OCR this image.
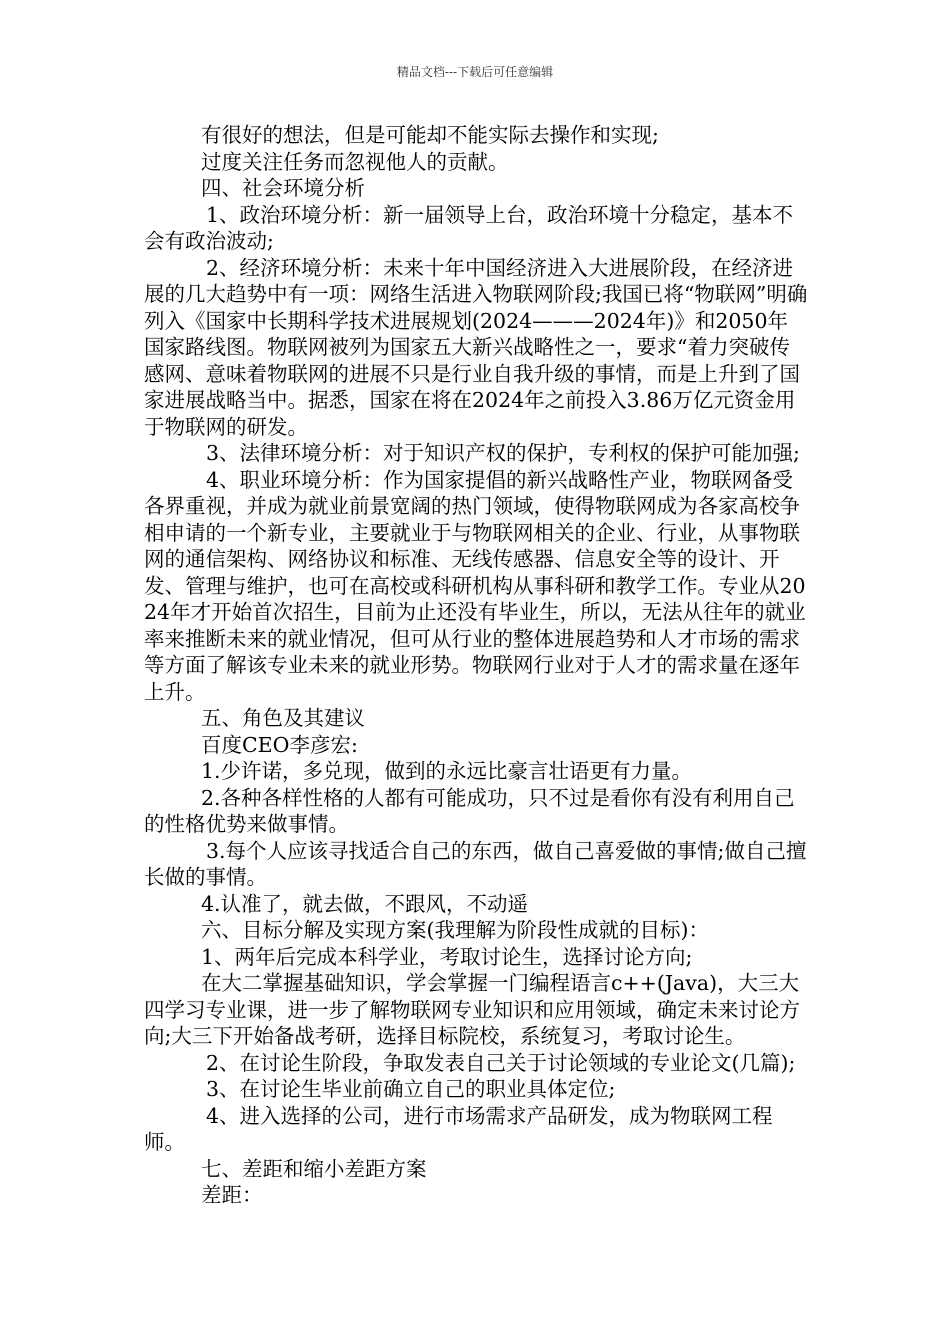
精品文档---下载后可任意编辑

有很好的想法，但是可能却不能实际去操作和实现;

过度关注任务而忽视他人的贡献。

四、社会环境分析

1、政治环境分析：新一届领导上台，政治环境十分稳定，基本不会有政治波动;

2、经济环境分析：未来十年中国经济进入大进展阶段，在经济进展的几大趋势中有一项：网络生活进入物联网阶段;我国已将“物联网”明确列入《国家中长期科学技术进展规划(2024———2024年)》和2050年国家路线图。物联网被列为国家五大新兴战略性之一，要求“着力突破传感网、意味着物联网的进展不只是行业自我升级的事情，而是上升到了国家进展战略当中。据悉，国家在将在2024年之前投入3.86万亿元资金用于物联网的研发。

3、法律环境分析：对于知识产权的保护，专利权的保护可能加强;

4、职业环境分析：作为国家提倡的新兴战略性产业，物联网备受各界重视，并成为就业前景宽阔的热门领域，使得物联网成为各家高校争相申请的一个新专业，主要就业于与物联网相关的企业、行业，从事物联网的通信架构、网络协议和标准、无线传感器、信息安全等的设计、开发、管理与维护，也可在高校或科研机构从事科研和教学工作。专业从2024年才开始首次招生，目前为止还没有毕业生，所以，无法从往年的就业率来推断未来的就业情况，但可从行业的整体进展趋势和人才市场的需求等方面了解该专业未来的就业形势。物联网行业对于人才的需求量在逐年上升。

五、角色及其建议

百度CEO李彦宏:

1.少许诺，多兑现，做到的永远比豪言壮语更有力量。

2.各种各样性格的人都有可能成功，只不过是看你有没有利用自己的性格优势来做事情。

3.每个人应该寻找适合自己的东西，做自己喜爱做的事情;做自己擅长做的事情。

4.认准了，就去做，不跟风，不动遥

六、目标分解及实现方案(我理解为阶段性成就的目标)：

1、两年后完成本科学业，考取讨论生，选择讨论方向;

在大二掌握基础知识，学会掌握一门编程语言c++(Java)，大三大四学习专业课，进一步了解物联网专业知识和应用领域，确定未来讨论方向;大三下开始备战考研，选择目标院校，系统复习，考取讨论生。

2、在讨论生阶段，争取发表自己关于讨论领域的专业论文(几篇);

3、在讨论生毕业前确立自己的职业具体定位;

4、进入选择的公司，进行市场需求产品研发，成为物联网工程师。

七、差距和缩小差距方案

差距：
